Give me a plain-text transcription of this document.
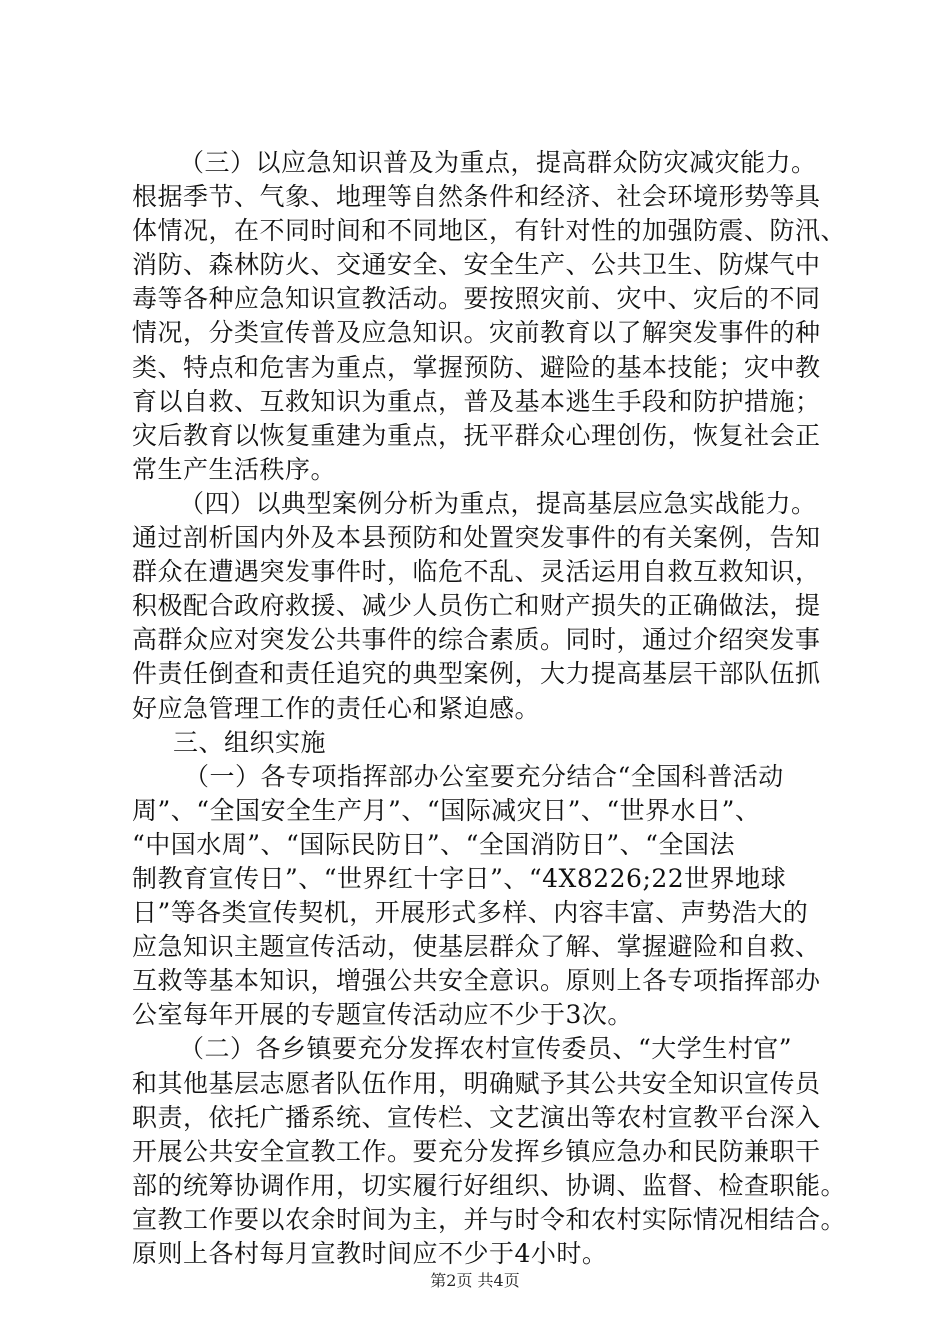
（三）以应急知识普及为重点，提高群众防灾减灾能力。
根据季节、气象、地理等自然条件和经济、社会环境形势等具
体情况，在不同时间和不同地区，有针对性的加强防震、防汛、
消防、森林防火、交通安全、安全生产、公共卫生、防煤气中
毒等各种应急知识宣教活动。要按照灾前、灾中、灾后的不同
情况，分类宣传普及应急知识。灾前教育以了解突发事件的种
类、特点和危害为重点，掌握预防、避险的基本技能；灾中教
育以自救、互救知识为重点，普及基本逃生手段和防护措施；
灾后教育以恢复重建为重点，抚平群众心理创伤，恢复社会正
常生产生活秩序。
（四）以典型案例分析为重点，提高基层应急实战能力。
通过剖析国内外及本县预防和处置突发事件的有关案例，告知
群众在遭遇突发事件时，临危不乱、灵活运用自救互救知识，
积极配合政府救援、减少人员伤亡和财产损失的正确做法，提
高群众应对突发公共事件的综合素质。同时，通过介绍突发事
件责任倒查和责任追究的典型案例，大力提高基层干部队伍抓
好应急管理工作的责任心和紧迫感。
三、组织实施
（一）各专项指挥部办公室要充分结合“全国科普活动
周”、“全国安全生产月”、“国际减灾日”、“世界水日”、
“中国水周”、“国际民防日”、“全国消防日”、“全国法
制教育宣传日”、“世界红十字日”、“4X8226;22世界地球
日”等各类宣传契机，开展形式多样、内容丰富、声势浩大的
应急知识主题宣传活动，使基层群众了解、掌握避险和自救、
互救等基本知识，增强公共安全意识。原则上各专项指挥部办
公室每年开展的专题宣传活动应不少于3次。
（二）各乡镇要充分发挥农村宣传委员、“大学生村官”
和其他基层志愿者队伍作用，明确赋予其公共安全知识宣传员
职责，依托广播系统、宣传栏、文艺演出等农村宣教平台深入
开展公共安全宣教工作。要充分发挥乡镇应急办和民防兼职干
部的统筹协调作用，切实履行好组织、协调、监督、检查职能。
宣教工作要以农余时间为主，并与时令和农村实际情况相结合。
原则上各村每月宣教时间应不少于4小时。
第2页 共4页
